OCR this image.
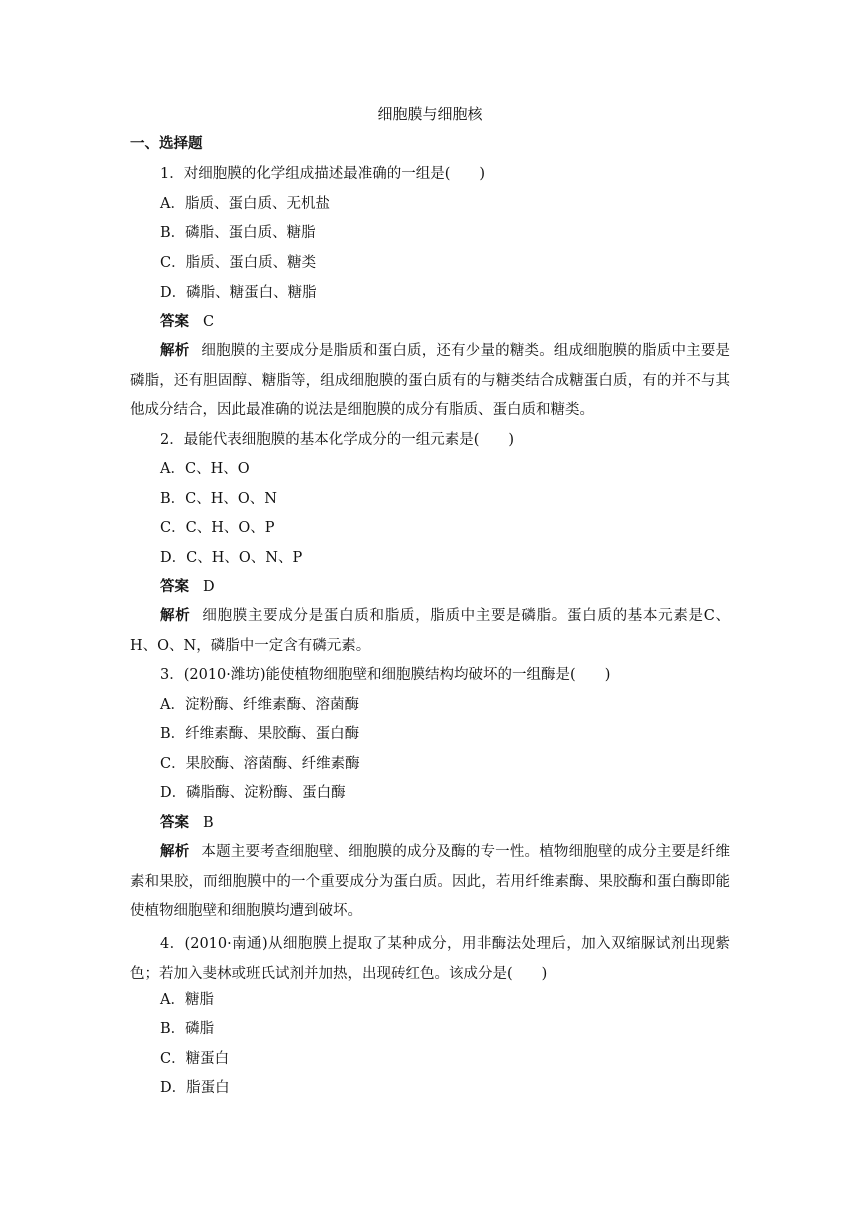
细胞膜与细胞核
一、选择题
1．对细胞膜的化学组成描述最准确的一组是(　　)
A．脂质、蛋白质、无机盐
B．磷脂、蛋白质、糖脂
C．脂质、蛋白质、糖类
D．磷脂、糖蛋白、糖脂
答案 C
解析 细胞膜的主要成分是脂质和蛋白质，还有少量的糖类。组成细胞膜的脂质中主要是磷脂，还有胆固醇、糖脂等，组成细胞膜的蛋白质有的与糖类结合成糖蛋白质，有的并不与其他成分结合，因此最准确的说法是细胞膜的成分有脂质、蛋白质和糖类。
2．最能代表细胞膜的基本化学成分的一组元素是(　　)
A．C、H、O
B．C、H、O、N
C．C、H、O、P
D．C、H、O、N、P
答案 D
解析 细胞膜主要成分是蛋白质和脂质，脂质中主要是磷脂。蛋白质的基本元素是C、H、O、N，磷脂中一定含有磷元素。
3．(2010·潍坊)能使植物细胞壁和细胞膜结构均破坏的一组酶是(　　)
A．淀粉酶、纤维素酶、溶菌酶
B．纤维素酶、果胶酶、蛋白酶
C．果胶酶、溶菌酶、纤维素酶
D．磷脂酶、淀粉酶、蛋白酶
答案 B
解析 本题主要考查细胞壁、细胞膜的成分及酶的专一性。植物细胞壁的成分主要是纤维素和果胶，而细胞膜中的一个重要成分为蛋白质。因此，若用纤维素酶、果胶酶和蛋白酶即能使植物细胞壁和细胞膜均遭到破坏。
4．(2010·南通)从细胞膜上提取了某种成分，用非酶法处理后，加入双缩脲试剂出现紫色；若加入斐林或班氏试剂并加热，出现砖红色。该成分是(　　)
A．糖脂
B．磷脂
C．糖蛋白
D．脂蛋白
